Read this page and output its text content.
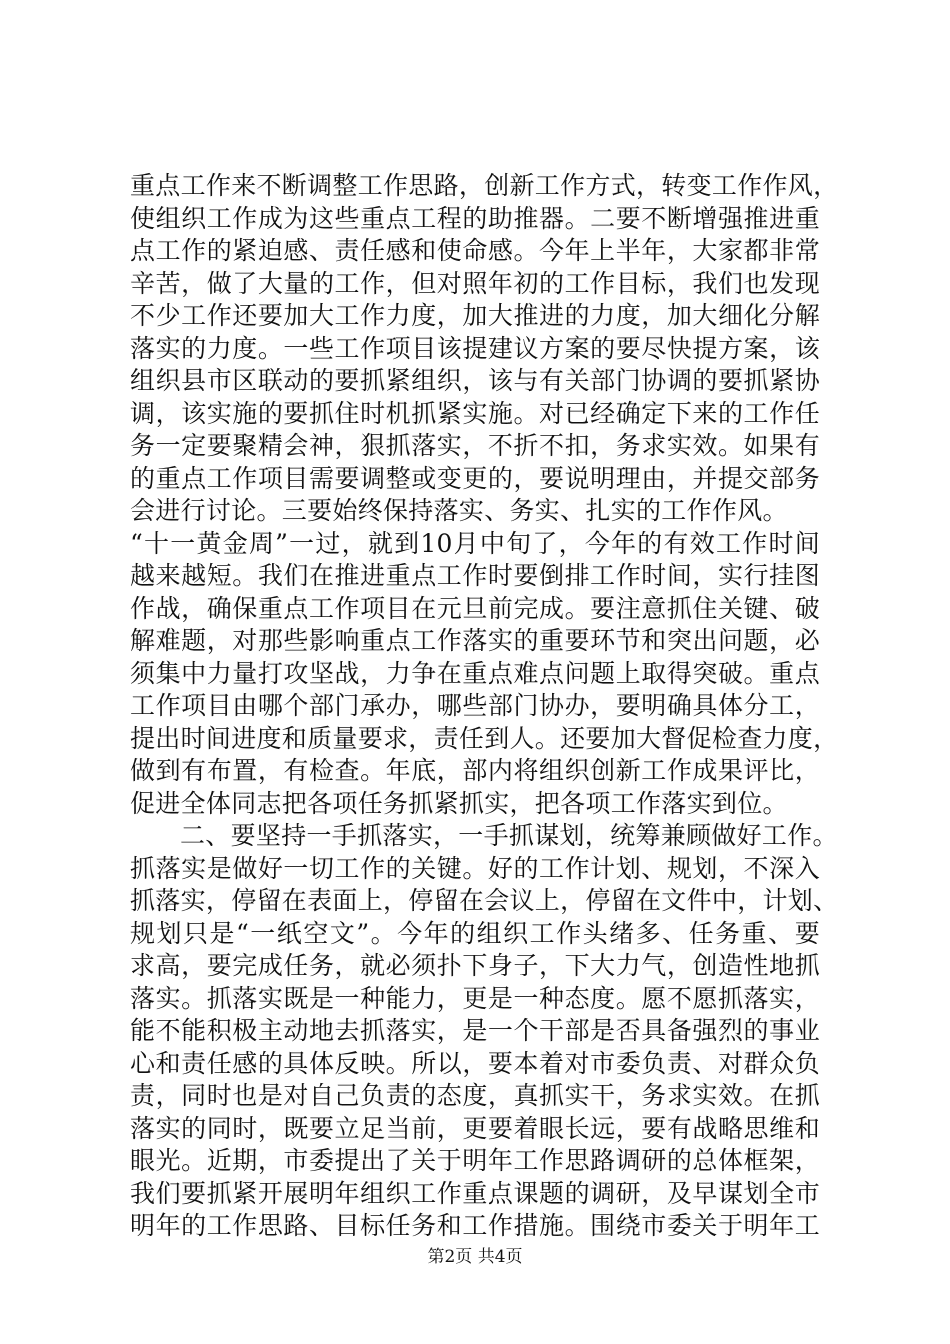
重点工作来不断调整工作思路，创新工作方式，转变工作作风，
使组织工作成为这些重点工程的助推器。二要不断增强推进重
点工作的紧迫感、责任感和使命感。今年上半年，大家都非常
辛苦，做了大量的工作，但对照年初的工作目标，我们也发现
不少工作还要加大工作力度，加大推进的力度，加大细化分解
落实的力度。一些工作项目该提建议方案的要尽快提方案，该
组织县市区联动的要抓紧组织，该与有关部门协调的要抓紧协
调，该实施的要抓住时机抓紧实施。对已经确定下来的工作任
务一定要聚精会神，狠抓落实，不折不扣，务求实效。如果有
的重点工作项目需要调整或变更的，要说明理由，并提交部务
会进行讨论。三要始终保持落实、务实、扎实的工作作风。
“十一黄金周”一过，就到10月中旬了，今年的有效工作时间
越来越短。我们在推进重点工作时要倒排工作时间，实行挂图
作战，确保重点工作项目在元旦前完成。要注意抓住关键、破
解难题，对那些影响重点工作落实的重要环节和突出问题，必
须集中力量打攻坚战，力争在重点难点问题上取得突破。重点
工作项目由哪个部门承办，哪些部门协办，要明确具体分工，
提出时间进度和质量要求，责任到人。还要加大督促检查力度，
做到有布置，有检查。年底，部内将组织创新工作成果评比，
促进全体同志把各项任务抓紧抓实，把各项工作落实到位。
二、要坚持一手抓落实，一手抓谋划，统筹兼顾做好工作。
抓落实是做好一切工作的关键。好的工作计划、规划，不深入
抓落实，停留在表面上，停留在会议上，停留在文件中，计划、
规划只是“一纸空文”。今年的组织工作头绪多、任务重、要
求高，要完成任务，就必须扑下身子，下大力气，创造性地抓
落实。抓落实既是一种能力，更是一种态度。愿不愿抓落实，
能不能积极主动地去抓落实，是一个干部是否具备强烈的事业
心和责任感的具体反映。所以，要本着对市委负责、对群众负
责，同时也是对自己负责的态度，真抓实干，务求实效。在抓
落实的同时，既要立足当前，更要着眼长远，要有战略思维和
眼光。近期，市委提出了关于明年工作思路调研的总体框架，
我们要抓紧开展明年组织工作重点课题的调研，及早谋划全市
明年的工作思路、目标任务和工作措施。围绕市委关于明年工
第2页 共4页
